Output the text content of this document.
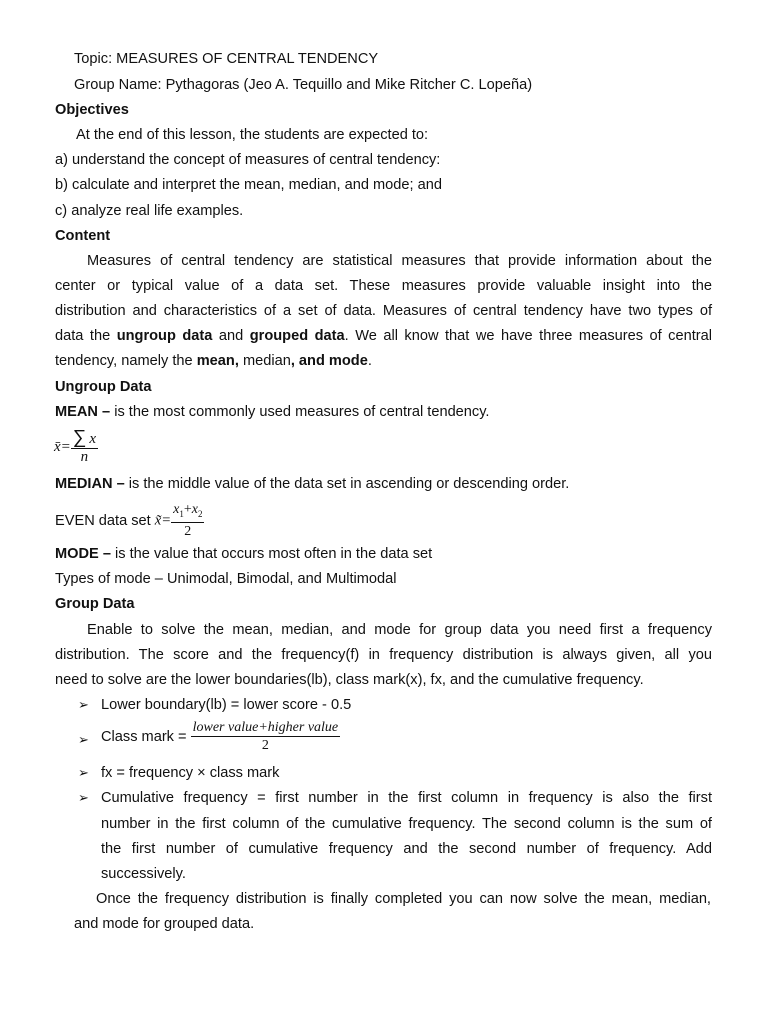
Topic: MEASURES OF CENTRAL TENDENCY
Group Name: Pythagoras (Jeo A. Tequillo and Mike Ritcher C. Lopeña)
Objectives
At the end of this lesson, the students are expected to:
a) understand the concept of measures of central tendency:
b) calculate and interpret the mean, median, and mode; and
c) analyze real life examples.
Content
Measures of central tendency are statistical measures that provide information about the
center or typical value of a data set. These measures provide valuable insight into the
distribution and characteristics of a set of data. Measures of central tendency have two types of
data the ungroup data and grouped data. We all know that we have three measures of central
tendency, namely the mean, median, and mode.
Ungroup Data
MEAN – is the most commonly used measures of central tendency.
x̄= $\frac{\sum x}{n}$
MEDIAN – is the middle value of the data set in ascending or descending order.
EVEN data set x̃= $\frac{x_1+x_2}{2}$
MODE – is the value that occurs most often in the data set
Types of mode – Unimodal, Bimodal, and Multimodal
Group Data
Enable to solve the mean, median, and mode for group data you need first a frequency
distribution. The score and the frequency(f) in frequency distribution is always given, all you
need to solve are the lower boundaries(lb), class mark(x), fx, and the cumulative frequency.
➢ Lower boundary(lb) = lower score - 0.5
➢ Class mark = $\frac{\text{lower value+higher value}}{2}$
➢ fx = frequency × class mark
➢ Cumulative frequency = first number in the first column in frequency is also the first
number in the first column of the cumulative frequency. The second column is the sum of
the first number of cumulative frequency and the second number of frequency. Add
successively.
Once the frequency distribution is finally completed you can now solve the mean, median,
and mode for grouped data.
